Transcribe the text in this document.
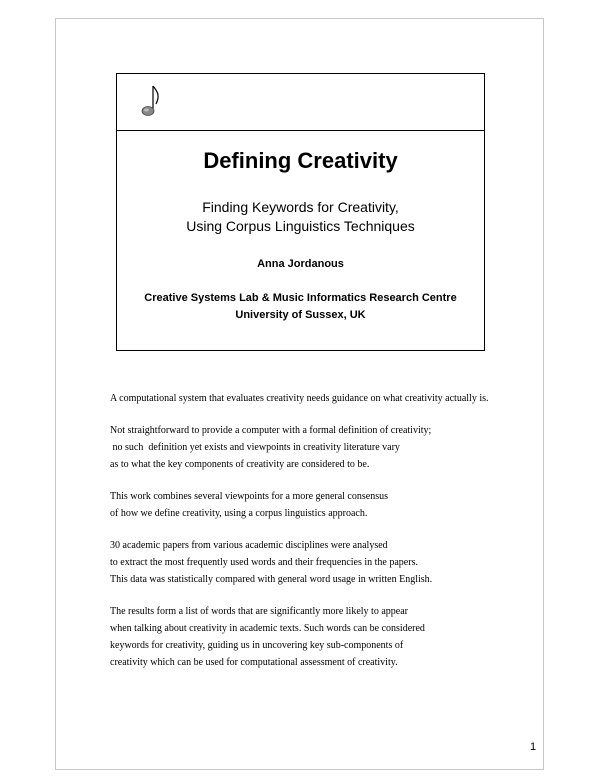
Defining Creativity
Finding Keywords for Creativity,
Using Corpus Linguistics Techniques
Anna Jordanous
Creative Systems Lab & Music Informatics Research Centre
University of Sussex, UK
A computational system that evaluates creativity needs guidance on what creativity actually is.
Not straightforward to provide a computer with a formal definition of creativity;
no such  definition yet exists and viewpoints in creativity literature vary
as to what the key components of creativity are considered to be.
This work combines several viewpoints for a more general consensus
of how we define creativity, using a corpus linguistics approach.
30 academic papers from various academic disciplines were analysed
to extract the most frequently used words and their frequencies in the papers.
This data was statistically compared with general word usage in written English.
The results form a list of words that are significantly more likely to appear
when talking about creativity in academic texts. Such words can be considered
keywords for creativity, guiding us in uncovering key sub-components of
creativity which can be used for computational assessment of creativity.
1
